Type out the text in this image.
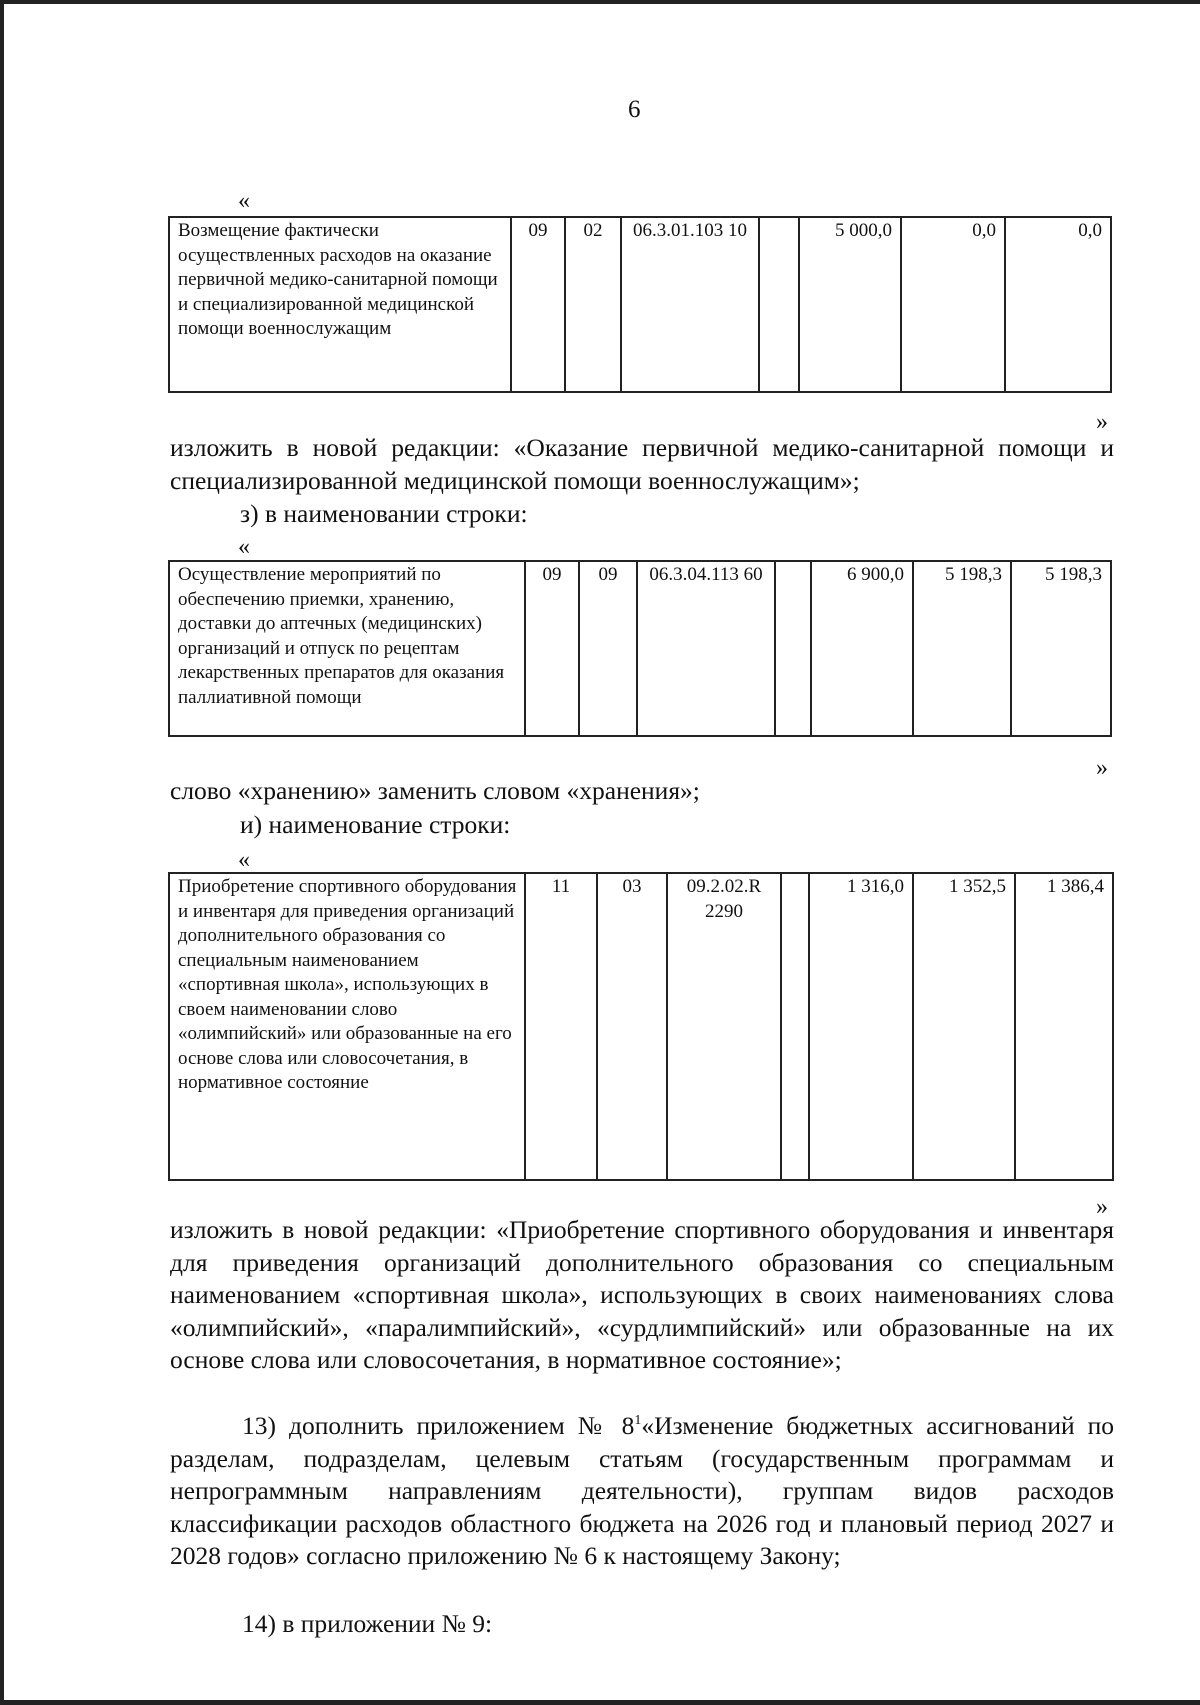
6
«
Возмещение фактически осуществленных расходов на оказание первичной медико-санитарной помощи и специализированной медицинской помощи военнослужащим	09	02	06.3.01.103 10		5 000,0	0,0	0,0
»
изложить в новой редакции: «Оказание первичной медико-санитарной помощи и специализированной медицинской помощи военнослужащим»;
з) в наименовании строки:
«
Осуществление мероприятий по обеспечению приемки, хранению, доставки до аптечных (медицинских) организаций и отпуск по рецептам лекарственных препаратов для оказания паллиативной помощи	09	09	06.3.04.113 60		6 900,0	5 198,3	5 198,3
»
слово «хранению» заменить словом «хранения»;
и) наименование строки:
«
Приобретение спортивного оборудования и инвентаря для приведения организаций дополнительного образования со специальным наименованием «спортивная школа», использующих в своем наименовании слово «олимпийский» или образованные на его основе слова или словосочетания, в нормативное состояние	11	03	09.2.02.R 2290		1 316,0	1 352,5	1 386,4
»
изложить в новой редакции: «Приобретение спортивного оборудования и инвентаря для приведения организаций дополнительного образования со специальным наименованием «спортивная школа», использующих в своих наименованиях слова «олимпийский», «паралимпийский», «сурдлимпийский» или образованные на их основе слова или словосочетания, в нормативное состояние»;
13) дополнить приложением № 8$^1$«Изменение бюджетных ассигнований по разделам, подразделам, целевым статьям (государственным программам и непрограммным направлениям деятельности), группам видов расходов классификации расходов областного бюджета на 2026 год и плановый период 2027 и 2028 годов» согласно приложению № 6 к настоящему Закону;
14) в приложении № 9:
